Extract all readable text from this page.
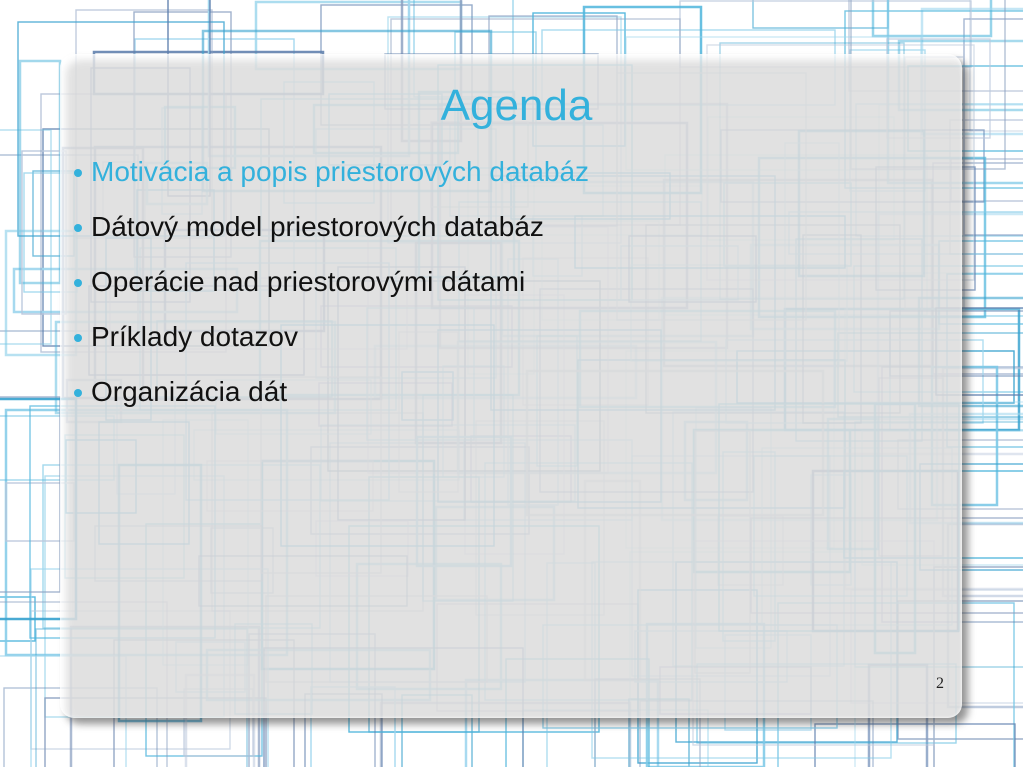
Agenda
Motivácia a popis priestorových databáz
Dátový model priestorových databáz
Operácie nad priestorovými dátami
Príklady dotazov
Organizácia dát
2
